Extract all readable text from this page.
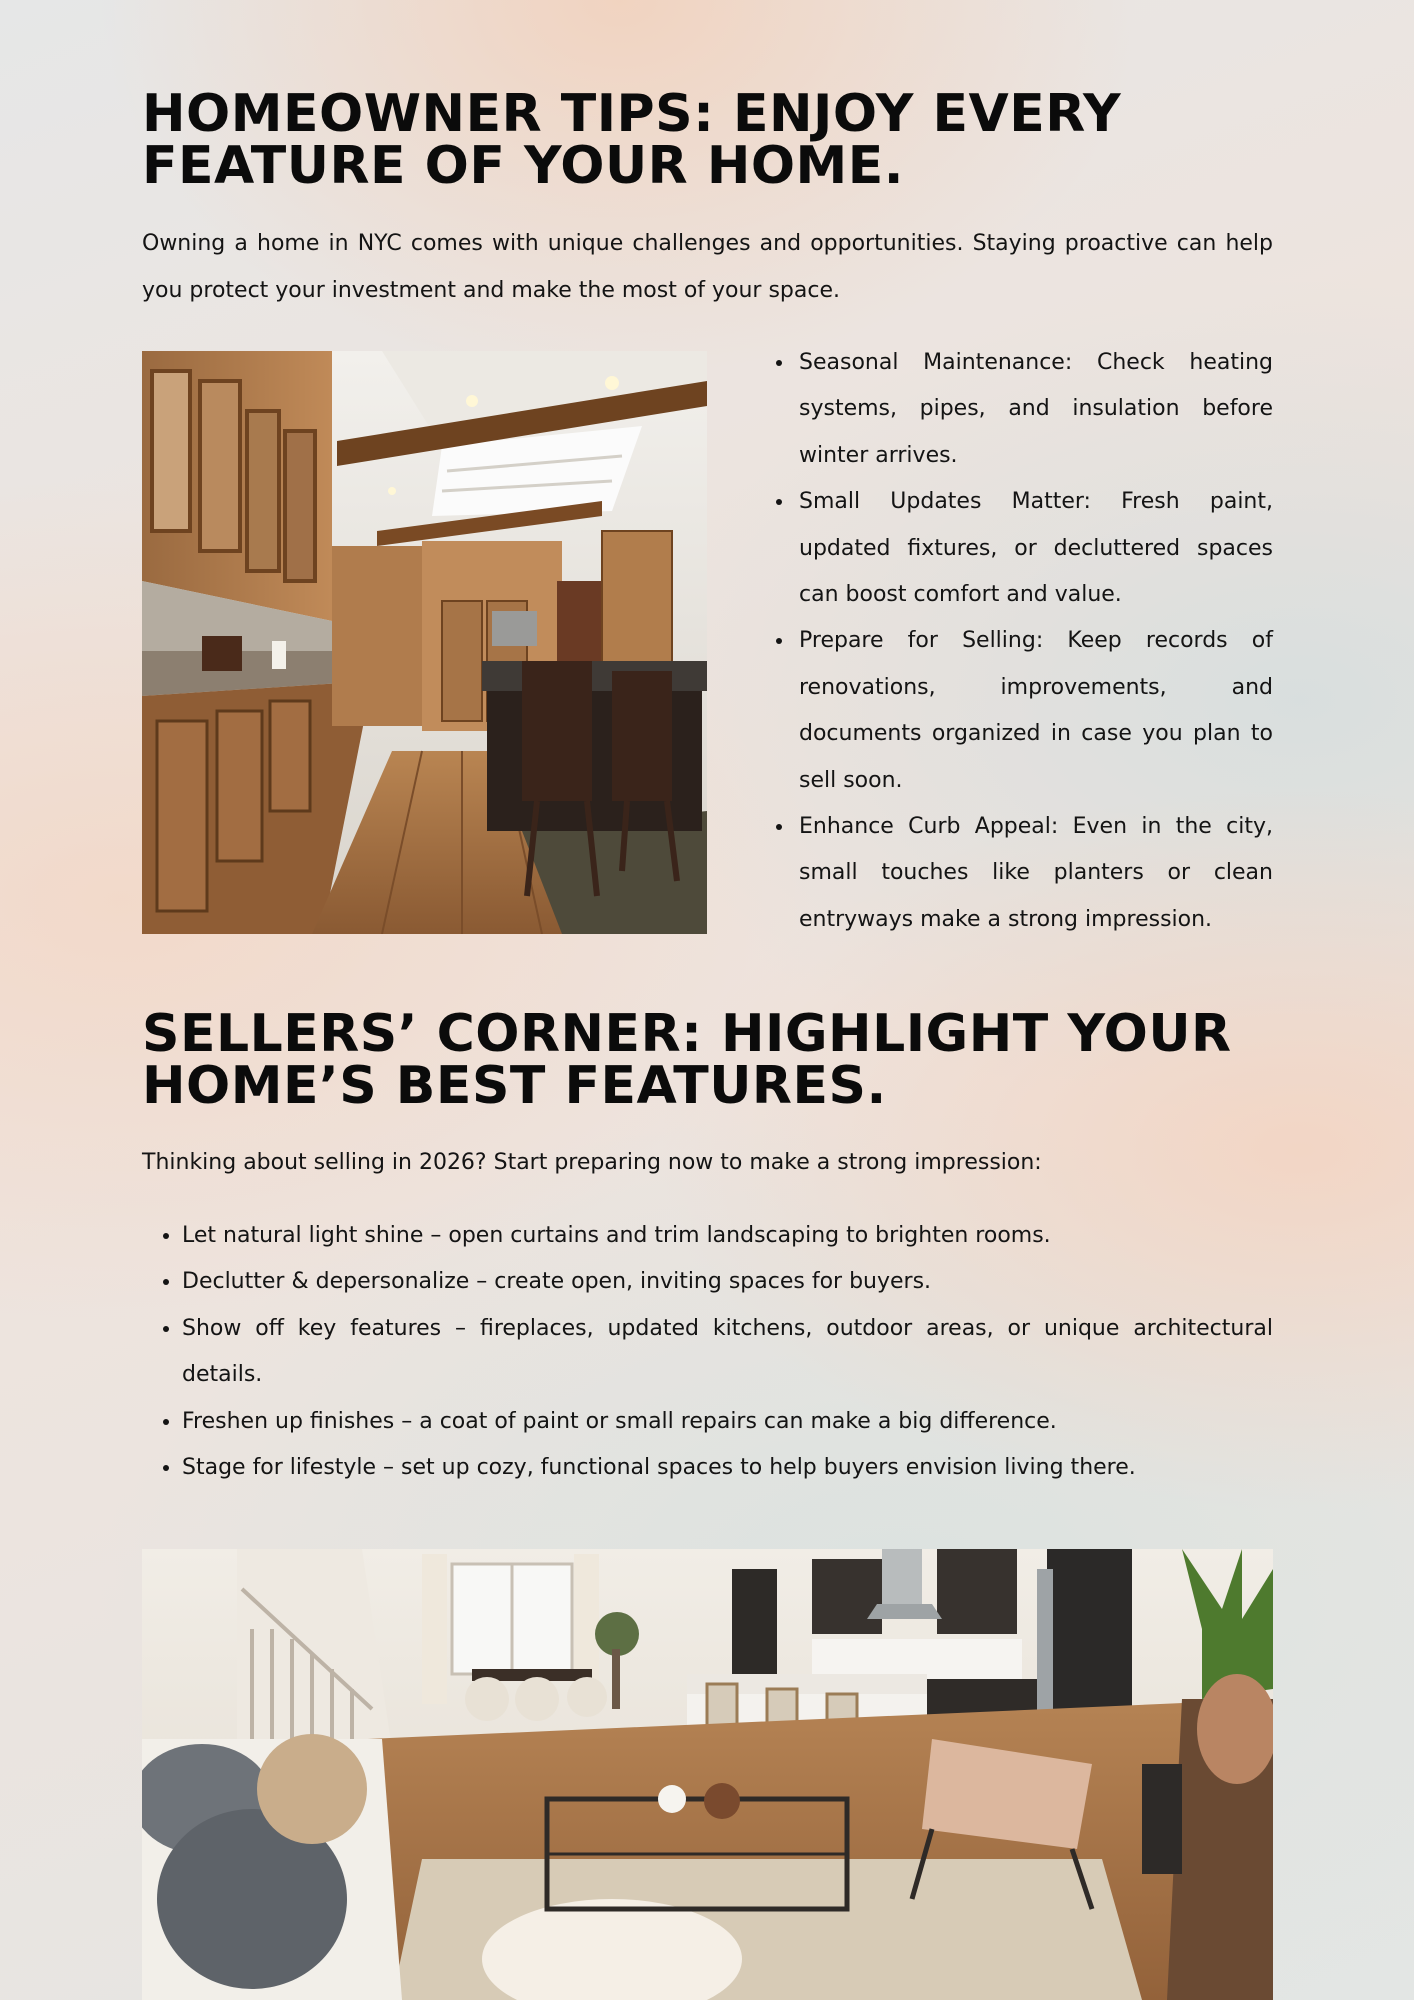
HOMEOWNER TIPS: ENJOY EVERY FEATURE OF YOUR HOME.

Owning a home in NYC comes with unique challenges and opportunities. Staying proactive can help you protect your investment and make the most of your space.

• Seasonal Maintenance: Check heating systems, pipes, and insulation before winter arrives.
• Small Updates Matter: Fresh paint, updated fixtures, or decluttered spaces can boost comfort and value.
• Prepare for Selling: Keep records of renovations, improvements, and documents organized in case you plan to sell soon.
• Enhance Curb Appeal: Even in the city, small touches like planters or clean entryways make a strong impression.
SELLERS’ CORNER: HIGHLIGHT YOUR HOME’S BEST FEATURES.

Thinking about selling in 2026? Start preparing now to make a strong impression:

• Let natural light shine – open curtains and trim landscaping to brighten rooms.
• Declutter & depersonalize – create open, inviting spaces for buyers.
• Show off key features – fireplaces, updated kitchens, outdoor areas, or unique architectural details.
• Freshen up finishes – a coat of paint or small repairs can make a big difference.
• Stage for lifestyle – set up cozy, functional spaces to help buyers envision living there.
